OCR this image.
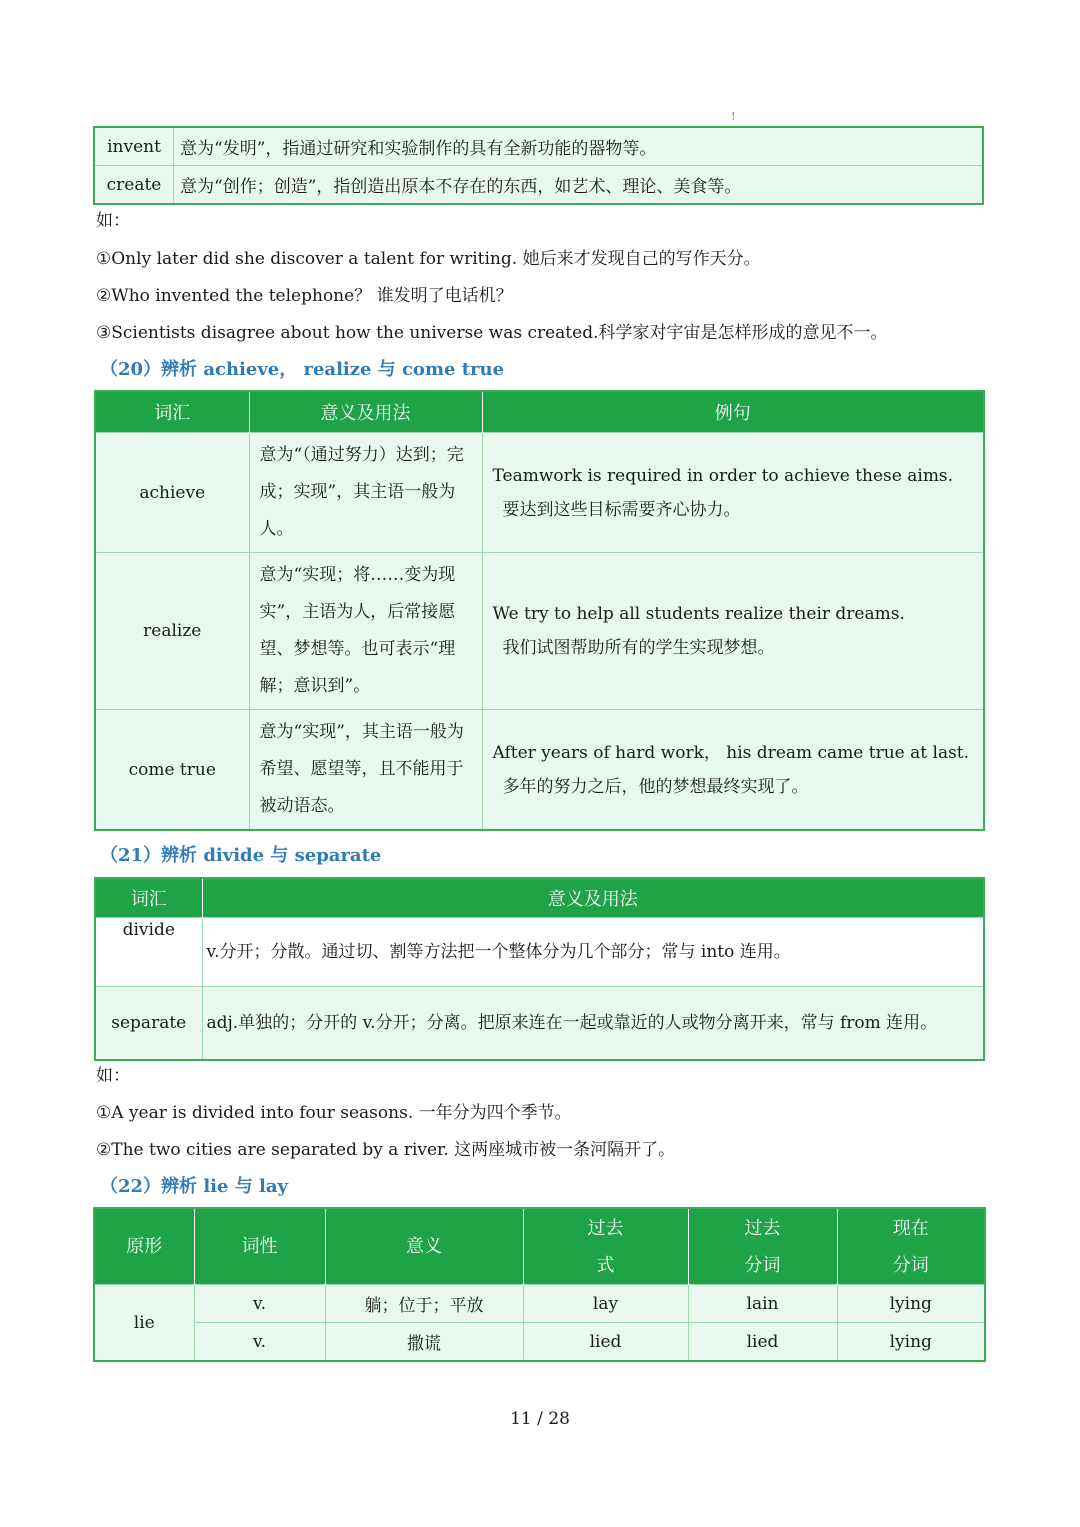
!
invent	意为“发明”，指通过研究和实验制作的具有全新功能的器物等。
create	意为“创作；创造”，指创造出原本不存在的东西，如艺术、理论、美食等。
如：
①Only later did she discover a talent for writing. 她后来才发现自己的写作天分。
②Who invented the telephone？ 谁发明了电话机？
③Scientists disagree about how the universe was created.科学家对宇宙是怎样形成的意见不一。
（20）辨析 achieve， realize 与 come true
词汇	意义及用法	例句
achieve	意为“（通过努力）达到；完成；实现”，其主语一般为人。	Teamwork is required in order to achieve these aims.
要达到这些目标需要齐心协力。

realize	意为“实现；将……变为现实”，主语为人，后常接愿望、梦想等。也可表示“理解；意识到”。	We try to help all students realize their dreams.
我们试图帮助所有的学生实现梦想。

come true	意为“实现”，其主语一般为希望、愿望等，且不能用于被动语态。	After years of hard work， his dream came true at last.
多年的努力之后，他的梦想最终实现了。
（21）辨析 divide 与 separate
词汇	意义及用法
divide	v.分开；分散。通过切、割等方法把一个整体分为几个部分；常与 into 连用。
separate	adj.单独的；分开的 v.分开；分离。把原来连在一起或靠近的人或物分离开来，常与 from 连用。
如：
①A year is divided into four seasons. 一年分为四个季节。
②The two cities are separated by a river. 这两座城市被一条河隔开了。
（22）辨析 lie 与 lay
原形	词性	意义	过去式	过去分词	现在分词

lie	v.	躺；位于；平放	lay	lain	lying
	v.	撒谎	lied	lied	lying
11 / 28
